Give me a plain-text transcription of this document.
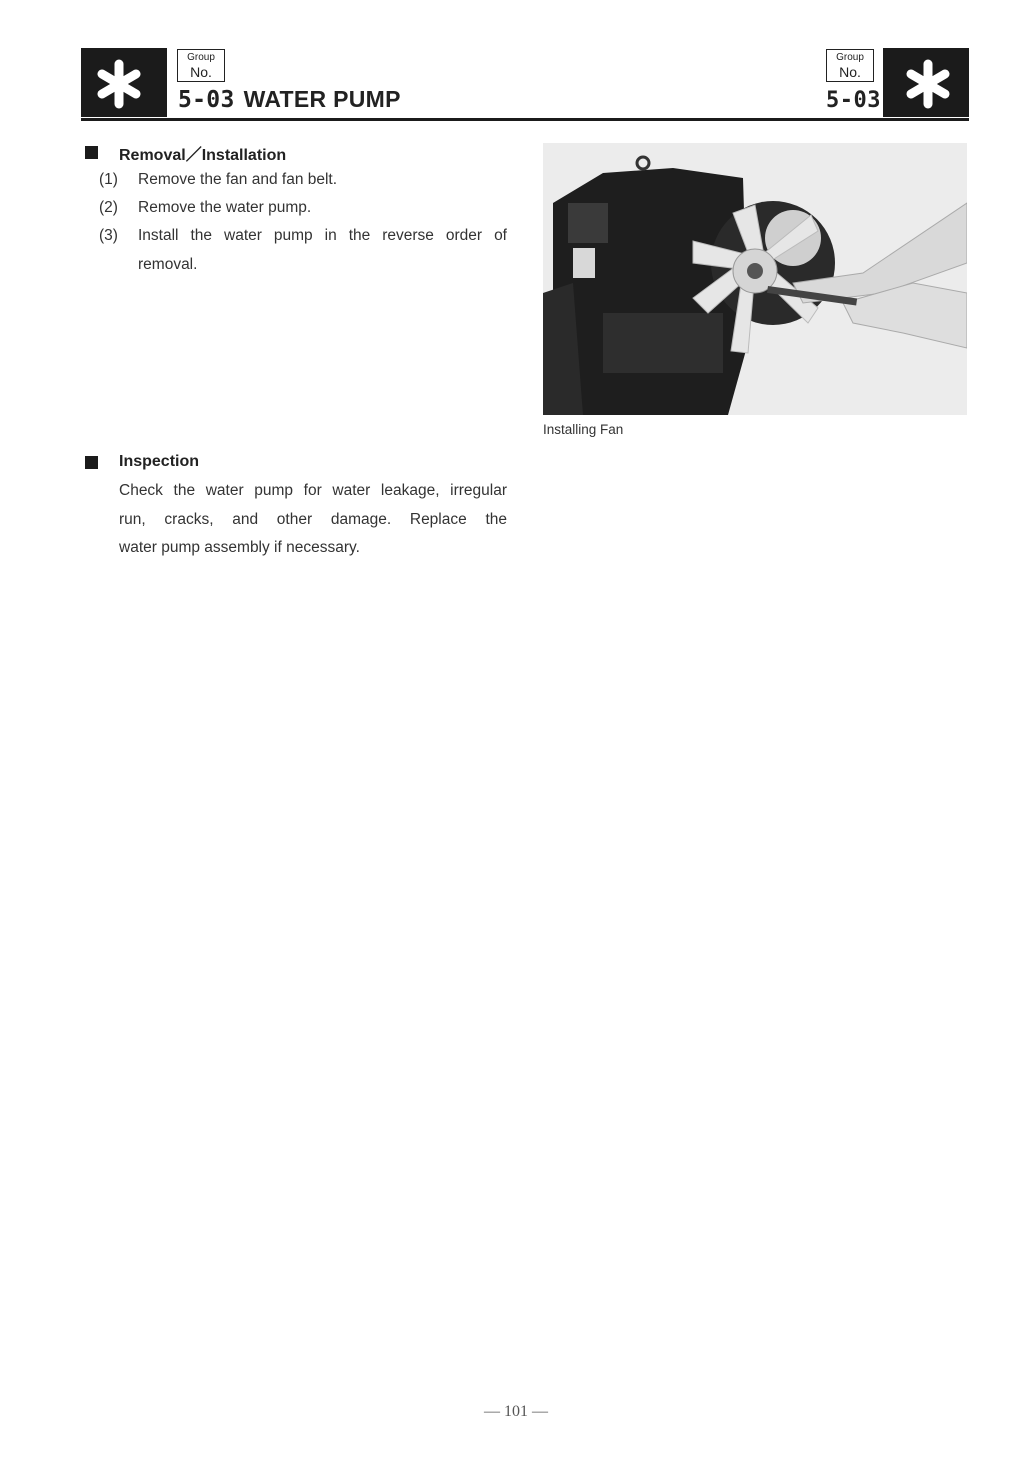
Group
No.
5-03 WATER PUMP
Group
No.
5-03
Removal／Installation
(1) Remove the fan and fan belt.
(2) Remove the water pump.
(3) Install the water pump in the reverse order of
removal.
Installing Fan
Inspection
Check the water pump for water leakage, irregular
run, cracks, and other damage. Replace the
water pump assembly if necessary.
— 101 —
